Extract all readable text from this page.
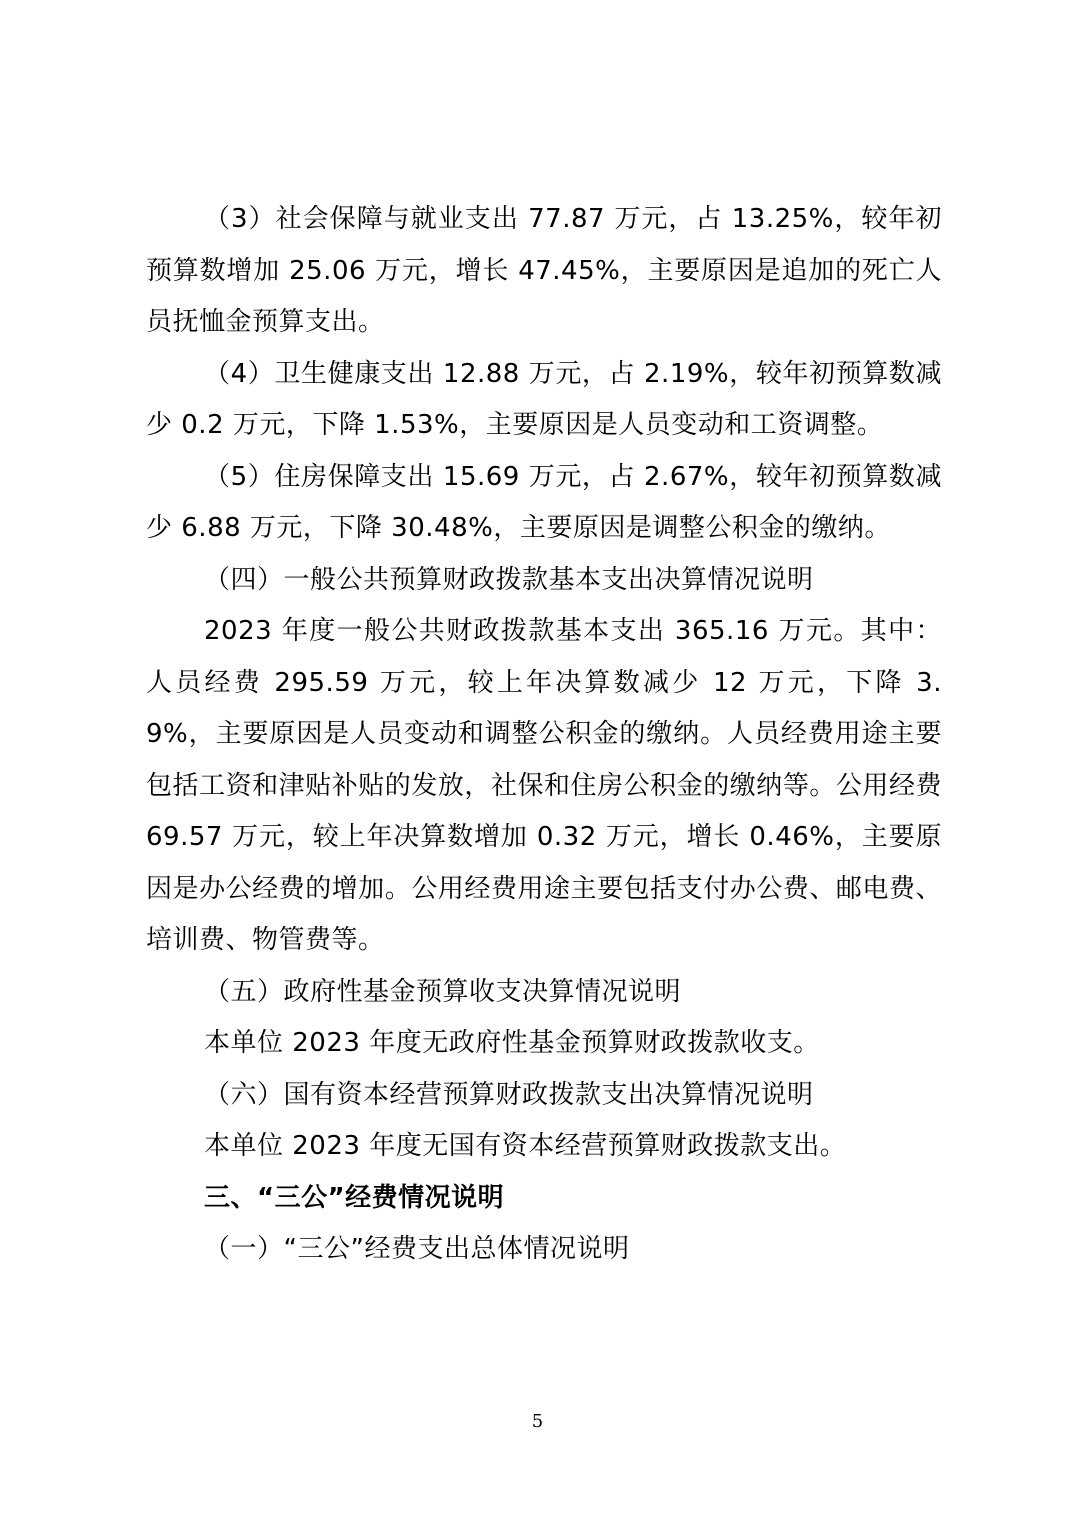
（3）社会保障与就业支出 77.87 万元，占 13.25%，较年初预算数增加 25.06 万元，增长 47.45%，主要原因是追加的死亡人员抚恤金预算支出。

（4）卫生健康支出 12.88 万元，占 2.19%，较年初预算数减少 0.2 万元，下降 1.53%，主要原因是人员变动和工资调整。

（5）住房保障支出 15.69 万元，占 2.67%，较年初预算数减少 6.88 万元，下降 30.48%，主要原因是调整公积金的缴纳。

（四）一般公共预算财政拨款基本支出决算情况说明

2023 年度一般公共财政拨款基本支出 365.16 万元。其中：人员经费 295.59 万元，较上年决算数减少 12 万元，下降 3.9%，主要原因是人员变动和调整公积金的缴纳。人员经费用途主要包括工资和津贴补贴的发放，社保和住房公积金的缴纳等。公用经费 69.57 万元，较上年决算数增加 0.32 万元，增长 0.46%，主要原因是办公经费的增加。公用经费用途主要包括支付办公费、邮电费、培训费、物管费等。

（五）政府性基金预算收支决算情况说明

本单位 2023 年度无政府性基金预算财政拨款收支。

（六）国有资本经营预算财政拨款支出决算情况说明

本单位 2023 年度无国有资本经营预算财政拨款支出。

三、“三公”经费情况说明

（一）“三公”经费支出总体情况说明

5
